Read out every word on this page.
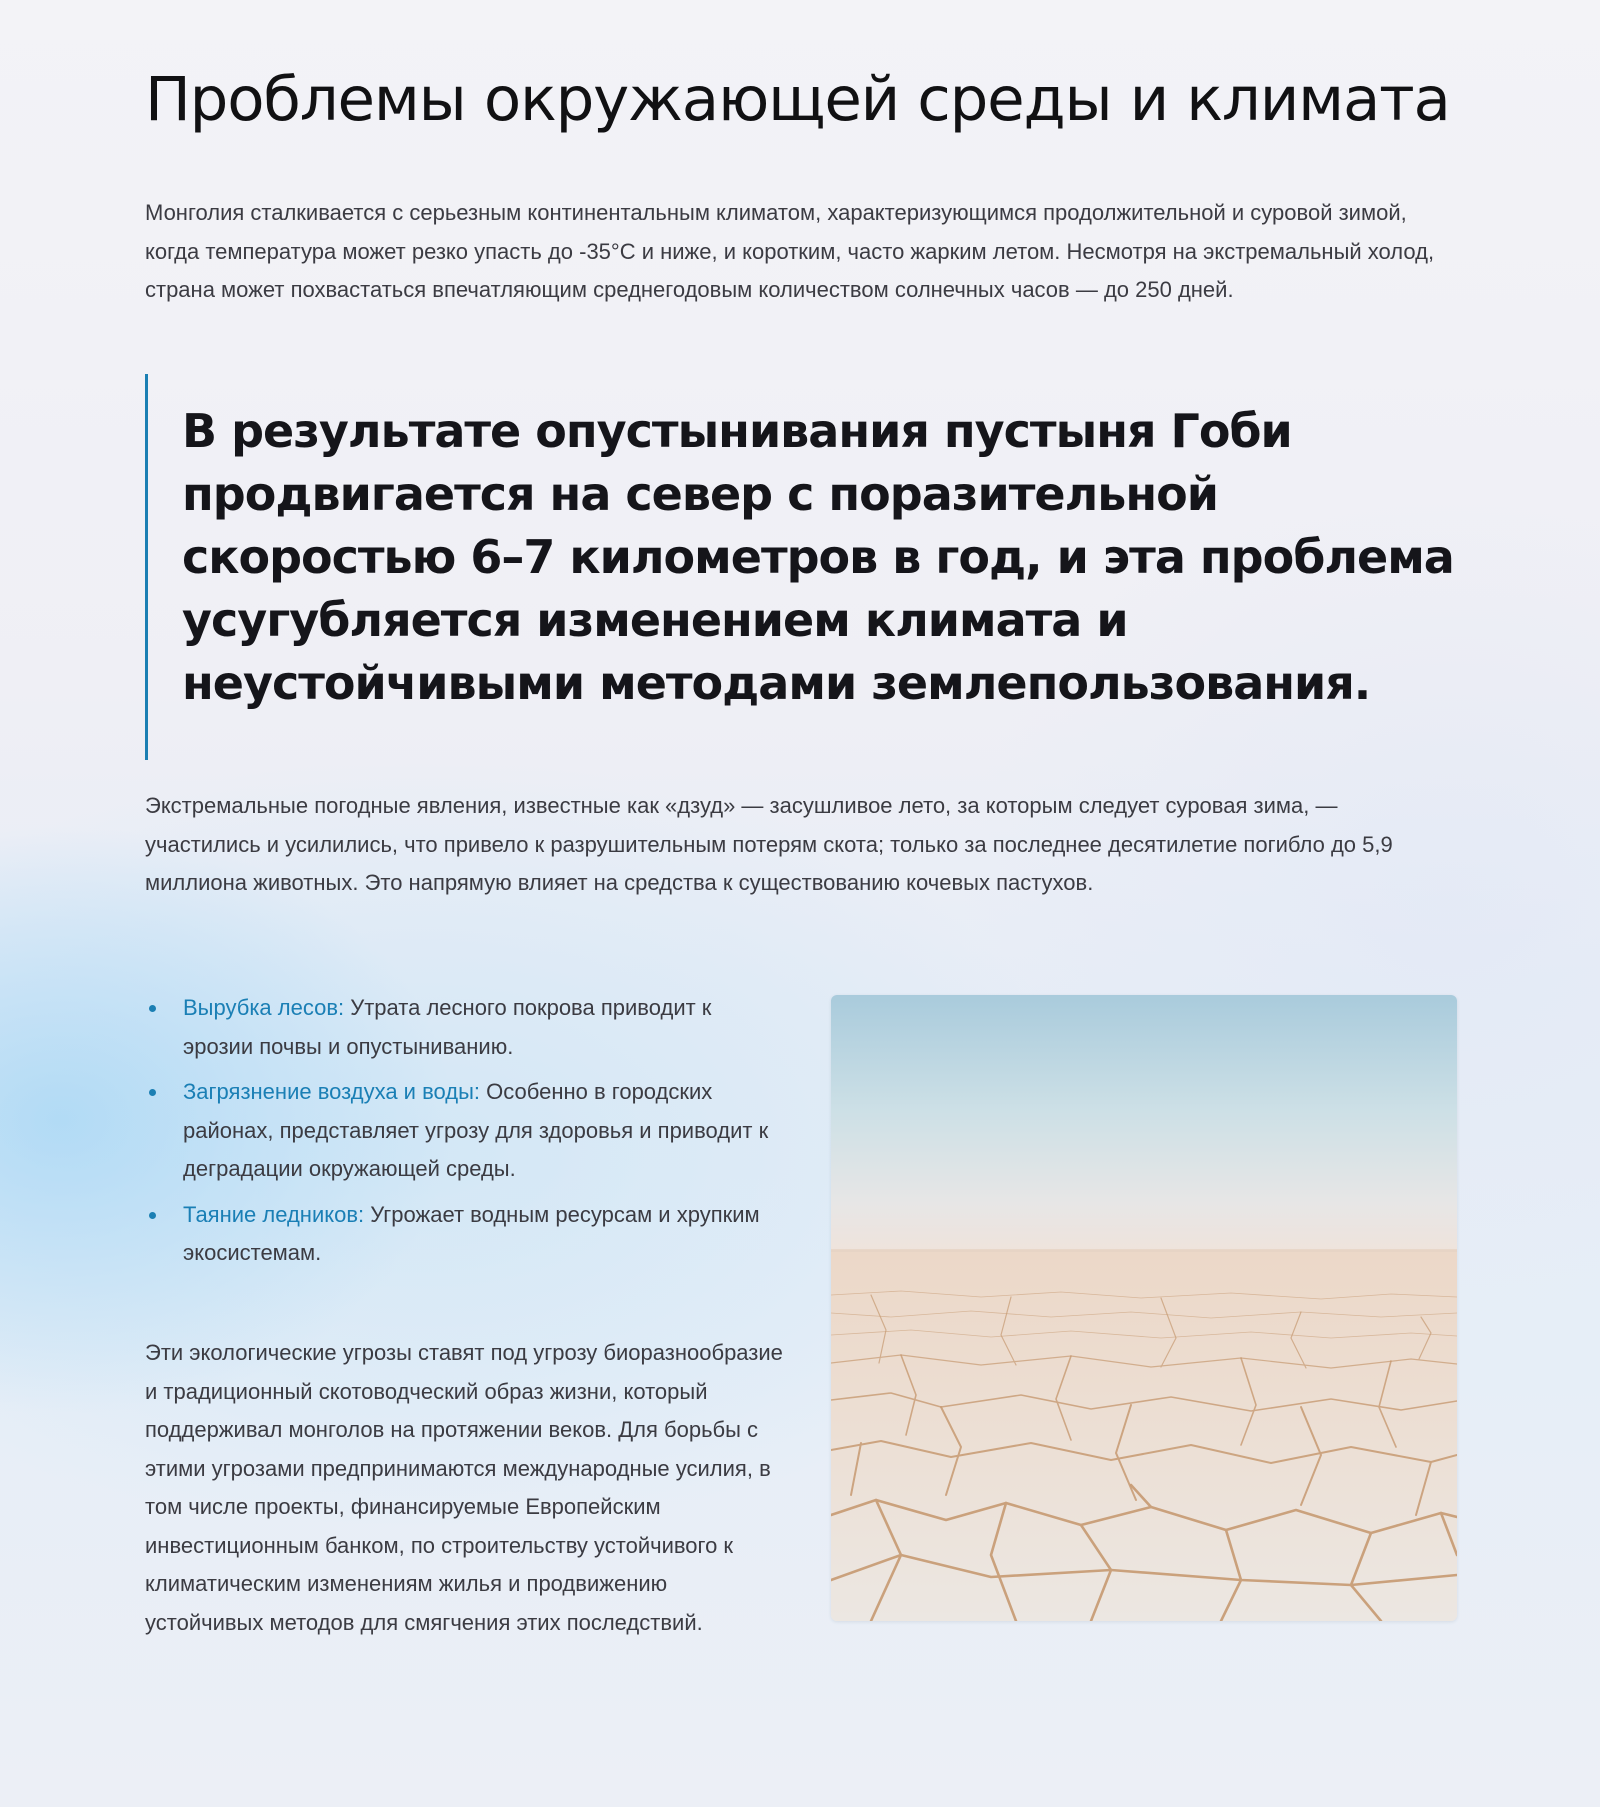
Проблемы окружающей среды и климата

Монголия сталкивается с серьезным континентальным климатом, характеризующимся продолжительной и суровой зимой, когда температура может резко упасть до -35°C и ниже, и коротким, часто жарким летом. Несмотря на экстремальный холод, страна может похвастаться впечатляющим среднегодовым количеством солнечных часов — до 250 дней.

В результате опустынивания пустыня Гоби продвигается на север с поразительной скоростью 6–7 километров в год, и эта проблема усугубляется изменением климата и неустойчивыми методами землепользования.

Экстремальные погодные явления, известные как «дзуд» — засушливое лето, за которым следует суровая зима, — участились и усилились, что привело к разрушительным потерям скота; только за последнее десятилетие погибло до 5,9 миллиона животных. Это напрямую влияет на средства к существованию кочевых пастухов.

Вырубка лесов: Утрата лесного покрова приводит к эрозии почвы и опустыниванию.
Загрязнение воздуха и воды: Особенно в городских районах, представляет угрозу для здоровья и приводит к деградации окружающей среды.
Таяние ледников: Угрожает водным ресурсам и хрупким экосистемам.

Эти экологические угрозы ставят под угрозу биоразнообразие и традиционный скотоводческий образ жизни, который поддерживал монголов на протяжении веков. Для борьбы с этими угрозами предпринимаются международные усилия, в том числе проекты, финансируемые Европейским инвестиционным банком, по строительству устойчивого к климатическим изменениям жилья и продвижению устойчивых методов для смягчения этих последствий.
